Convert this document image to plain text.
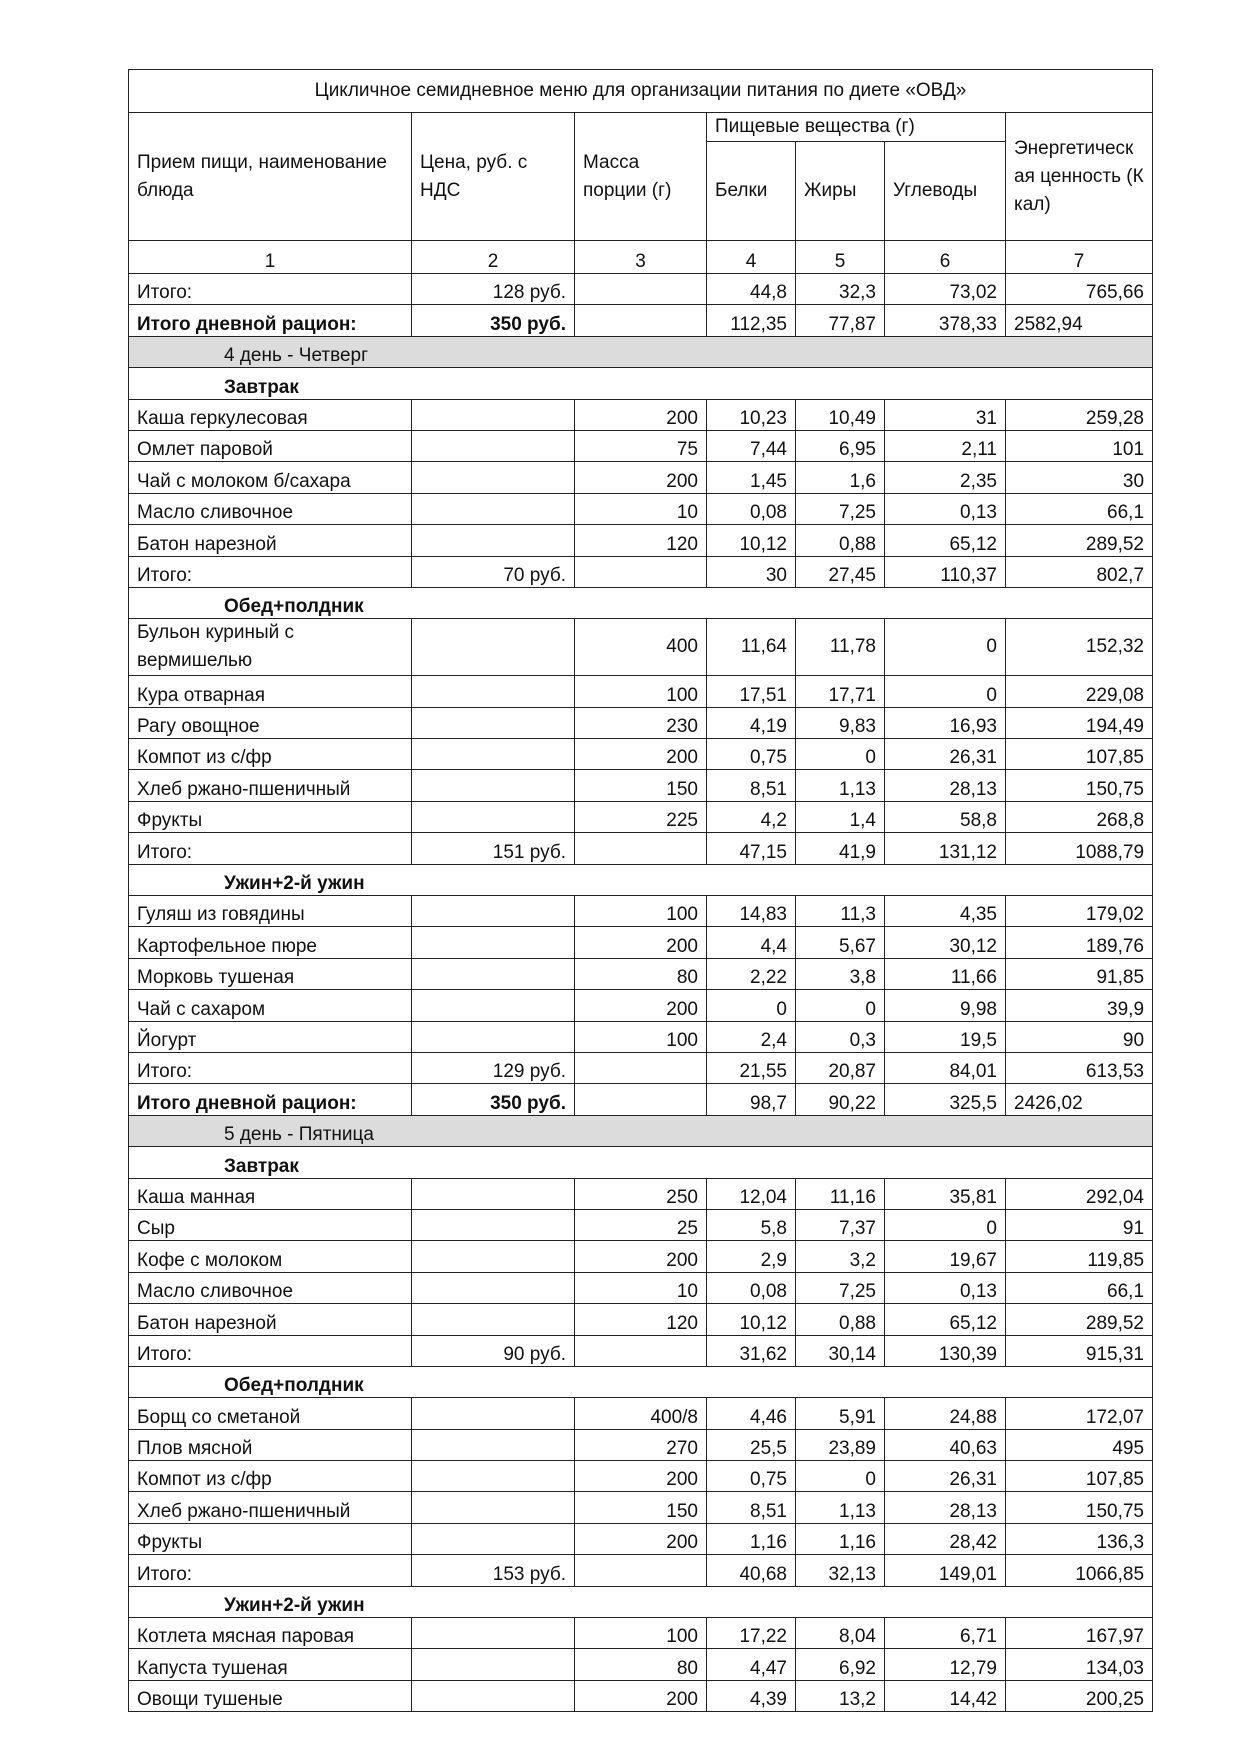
Цикличное семидневное меню для организации питания по диете «ОВД»						
Прием пищи, наименование блюда	Цена, руб. с НДС	Масса порции (г)	Пищевые вещества (г)			Энергетическая ценность (Ккал)
			Белки	Жиры	Углеводы	
1	2	3	4	5	6	7
Итого:	128 руб.		44,8	32,3	73,02	765,66
Итого дневной рацион:	350 руб.		112,35	77,87	378,33	2582,94
4 день - Четверг						
Завтрак						
Каша геркулесовая		200	10,23	10,49	31	259,28
Омлет паровой		75	7,44	6,95	2,11	101
Чай с молоком б/сахара		200	1,45	1,6	2,35	30
Масло сливочное		10	0,08	7,25	0,13	66,1
Батон нарезной		120	10,12	0,88	65,12	289,52
Итого:	70 руб.		30	27,45	110,37	802,7
Обед+полдник						
Бульон куриный с вермишелью		400	11,64	11,78	0	152,32
Кура отварная		100	17,51	17,71	0	229,08
Рагу овощное		230	4,19	9,83	16,93	194,49
Компот из с/фр		200	0,75	0	26,31	107,85
Хлеб ржано-пшеничный		150	8,51	1,13	28,13	150,75
Фрукты		225	4,2	1,4	58,8	268,8
Итого:	151 руб.		47,15	41,9	131,12	1088,79
Ужин+2-й ужин						
Гуляш из говядины		100	14,83	11,3	4,35	179,02
Картофельное пюре		200	4,4	5,67	30,12	189,76
Морковь тушеная		80	2,22	3,8	11,66	91,85
Чай с сахаром		200	0	0	9,98	39,9
Йогурт		100	2,4	0,3	19,5	90
Итого:	129 руб.		21,55	20,87	84,01	613,53
Итого дневной рацион:	350 руб.		98,7	90,22	325,5	2426,02
5 день - Пятница						
Завтрак						
Каша манная		250	12,04	11,16	35,81	292,04
Сыр		25	5,8	7,37	0	91
Кофе с молоком		200	2,9	3,2	19,67	119,85
Масло сливочное		10	0,08	7,25	0,13	66,1
Батон нарезной		120	10,12	0,88	65,12	289,52
Итого:	90 руб.		31,62	30,14	130,39	915,31
Обед+полдник						
Борщ со сметаной		400/8	4,46	5,91	24,88	172,07
Плов мясной		270	25,5	23,89	40,63	495
Компот из с/фр		200	0,75	0	26,31	107,85
Хлеб ржано-пшеничный		150	8,51	1,13	28,13	150,75
Фрукты		200	1,16	1,16	28,42	136,3
Итого:	153 руб.		40,68	32,13	149,01	1066,85
Ужин+2-й ужин						
Котлета мясная паровая		100	17,22	8,04	6,71	167,97
Капуста тушеная		80	4,47	6,92	12,79	134,03
Овощи тушеные		200	4,39	13,2	14,42	200,25
